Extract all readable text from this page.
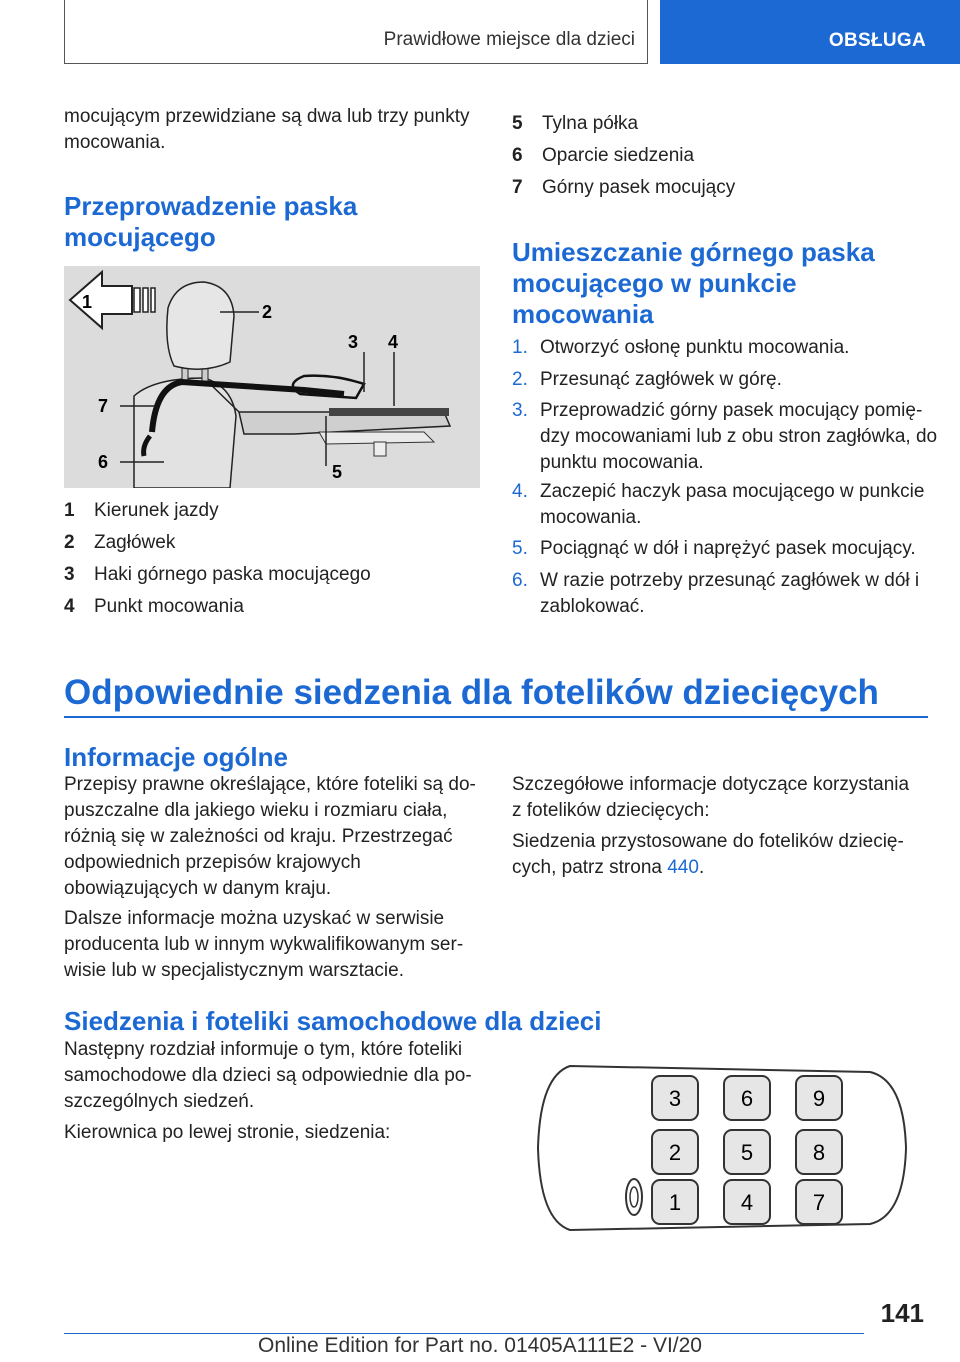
Prawidłowe miejsce dla dzieci	OBSŁUGA
mocującym przewidziane są dwa lub trzy punkty mocowania.
Przeprowadzenie paska mocującego
1	2
3 4
5
6
7
1 Kierunek jazdy
2 Zagłówek
3 Haki górnego paska mocującego
4 Punkt mocowania
5 Tylna półka
6 Oparcie siedzenia
7 Górny pasek mocujący
Umieszczanie górnego paska mocującego w punkcie mocowania
1. Otworzyć osłonę punktu mocowania.
2. Przesunąć zagłówek w górę.
3. Przeprowadzić górny pasek mocujący pomiędzy mocowaniami lub z obu stron zagłówka, do punktu mocowania.
4. Zaczepić haczyk pasa mocującego w punkcie mocowania.
5. Pociągnąć w dół i naprężyć pasek mocujący.
6. W razie potrzeby przesunąć zagłówek w dół i zablokować.
Odpowiednie siedzenia dla fotelików dziecięcych
Informacje ogólne
Przepisy prawne określające, które foteliki są dopuszczalne dla jakiego wieku i rozmiaru ciała, różnią się w zależności od kraju. Przestrzegać odpowiednich przepisów krajowych obowiązujących w danym kraju.
Dalsze informacje można uzyskać w serwisie producenta lub w innym wykwalifikowanym serwisie lub w specjalistycznym warsztacie.
Szczegółowe informacje dotyczące korzystania z fotelików dziecięcych:
Siedzenia przystosowane do fotelików dziecięcych, patrz strona 440.
Siedzenia i foteliki samochodowe dla dzieci
Następny rozdział informuje o tym, które foteliki samochodowe dla dzieci są odpowiednie dla poszczególnych siedzeń.
Kierownica po lewej stronie, siedzenia:
3	6	9
2	5	8
1	4	7
141
Online Edition for Part no. 01405A111E2 - VI/20
